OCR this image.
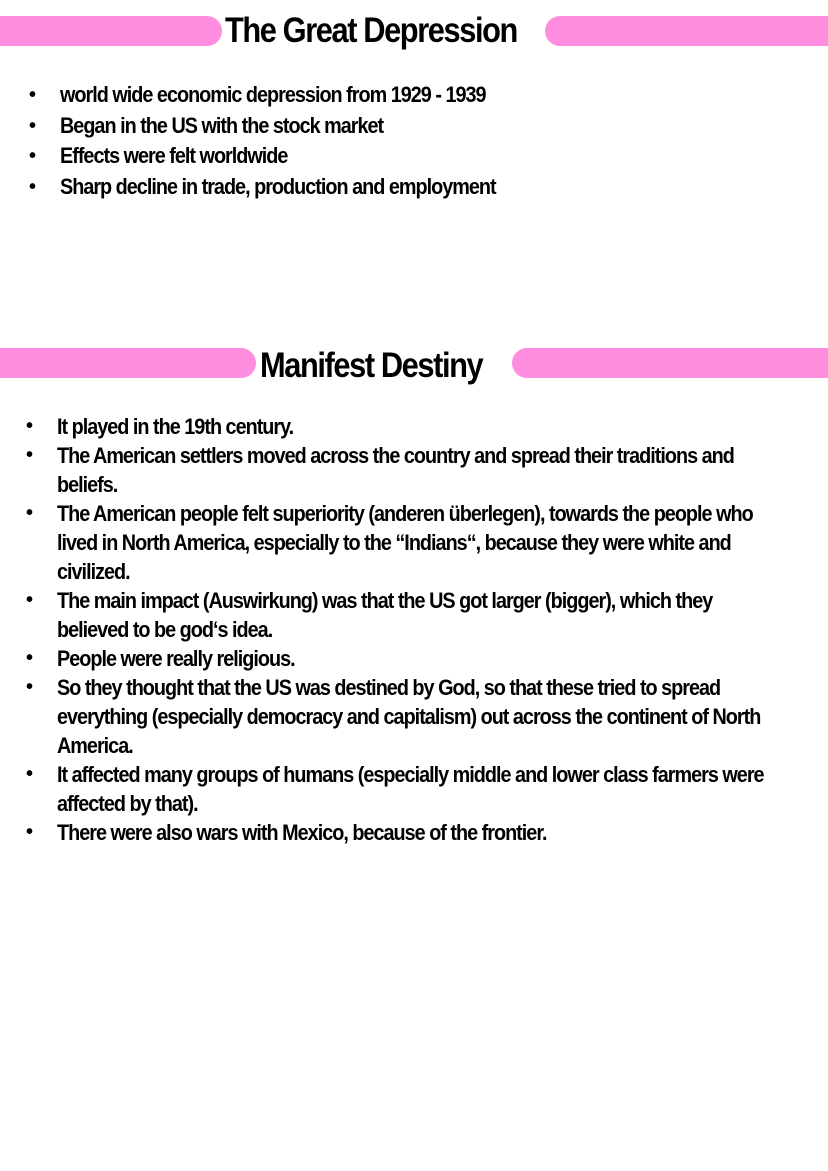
The Great Depression
• world wide economic depression from 1929 - 1939
• Began in the US with the stock market
• Effects were felt worldwide
• Sharp decline in trade, production and employment
Manifest Destiny
• It played in the 19th century.
• The American settlers moved across the country and spread their traditions and beliefs.
• The American people felt superiority (anderen überlegen), towards the people who lived in North America, especially to the “Indians“, because they were white and civilized.
• The main impact (Auswirkung) was that the US got larger (bigger), which they believed to be god‘s idea.
• People were really religious.
• So they thought that the US was destined by God, so that these tried to spread everything (especially democracy and capitalism) out across the continent of North America.
• It affected many groups of humans (especially middle and lower class farmers were affected by that).
• There were also wars with Mexico, because of the frontier.
